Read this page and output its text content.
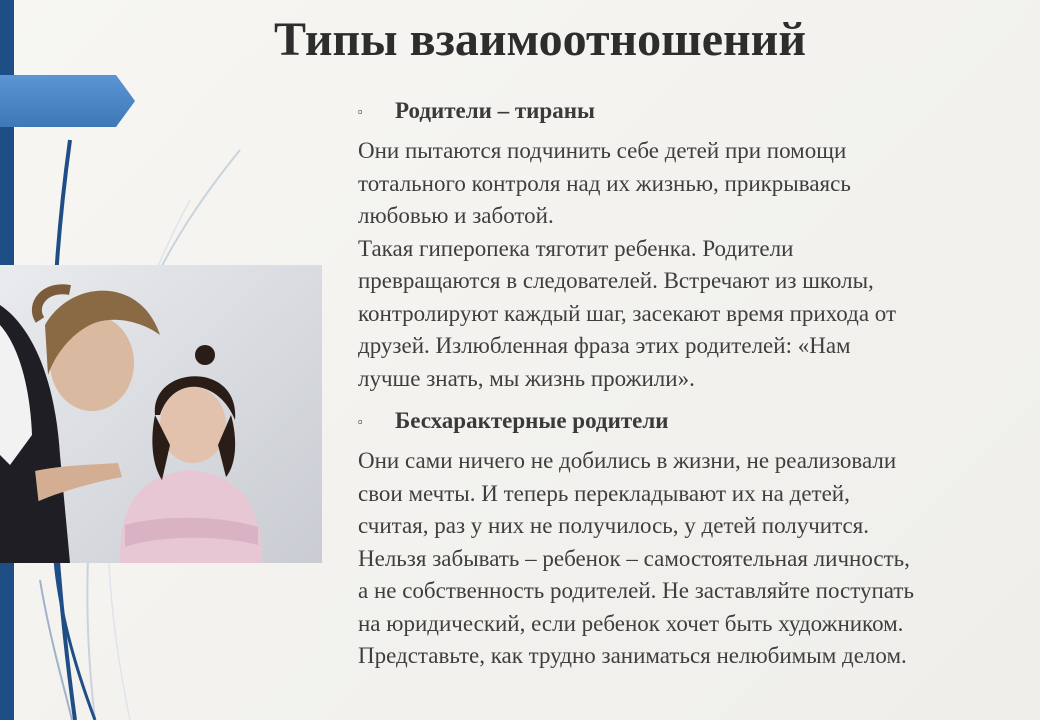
Типы взаимоотношений
▫ Родители – тираны
Они пытаются подчинить себе детей при помощи
тотального контроля над их жизнью, прикрываясь
любовью и заботой.
Такая гиперопека тяготит ребенка. Родители
превращаются в следователей. Встречают из школы,
контролируют каждый шаг, засекают время прихода от
друзей. Излюбленная фраза этих родителей: «Нам
лучше знать, мы жизнь прожили».
▫ Бесхарактерные родители
Они сами ничего не добились в жизни, не реализовали
свои мечты. И теперь перекладывают их на детей,
считая, раз у них не получилось, у детей получится.
Нельзя забывать – ребенок – самостоятельная личность,
а не собственность родителей. Не заставляйте поступать
на юридический, если ребенок хочет быть художником.
Представьте, как трудно заниматься нелюбимым делом.
